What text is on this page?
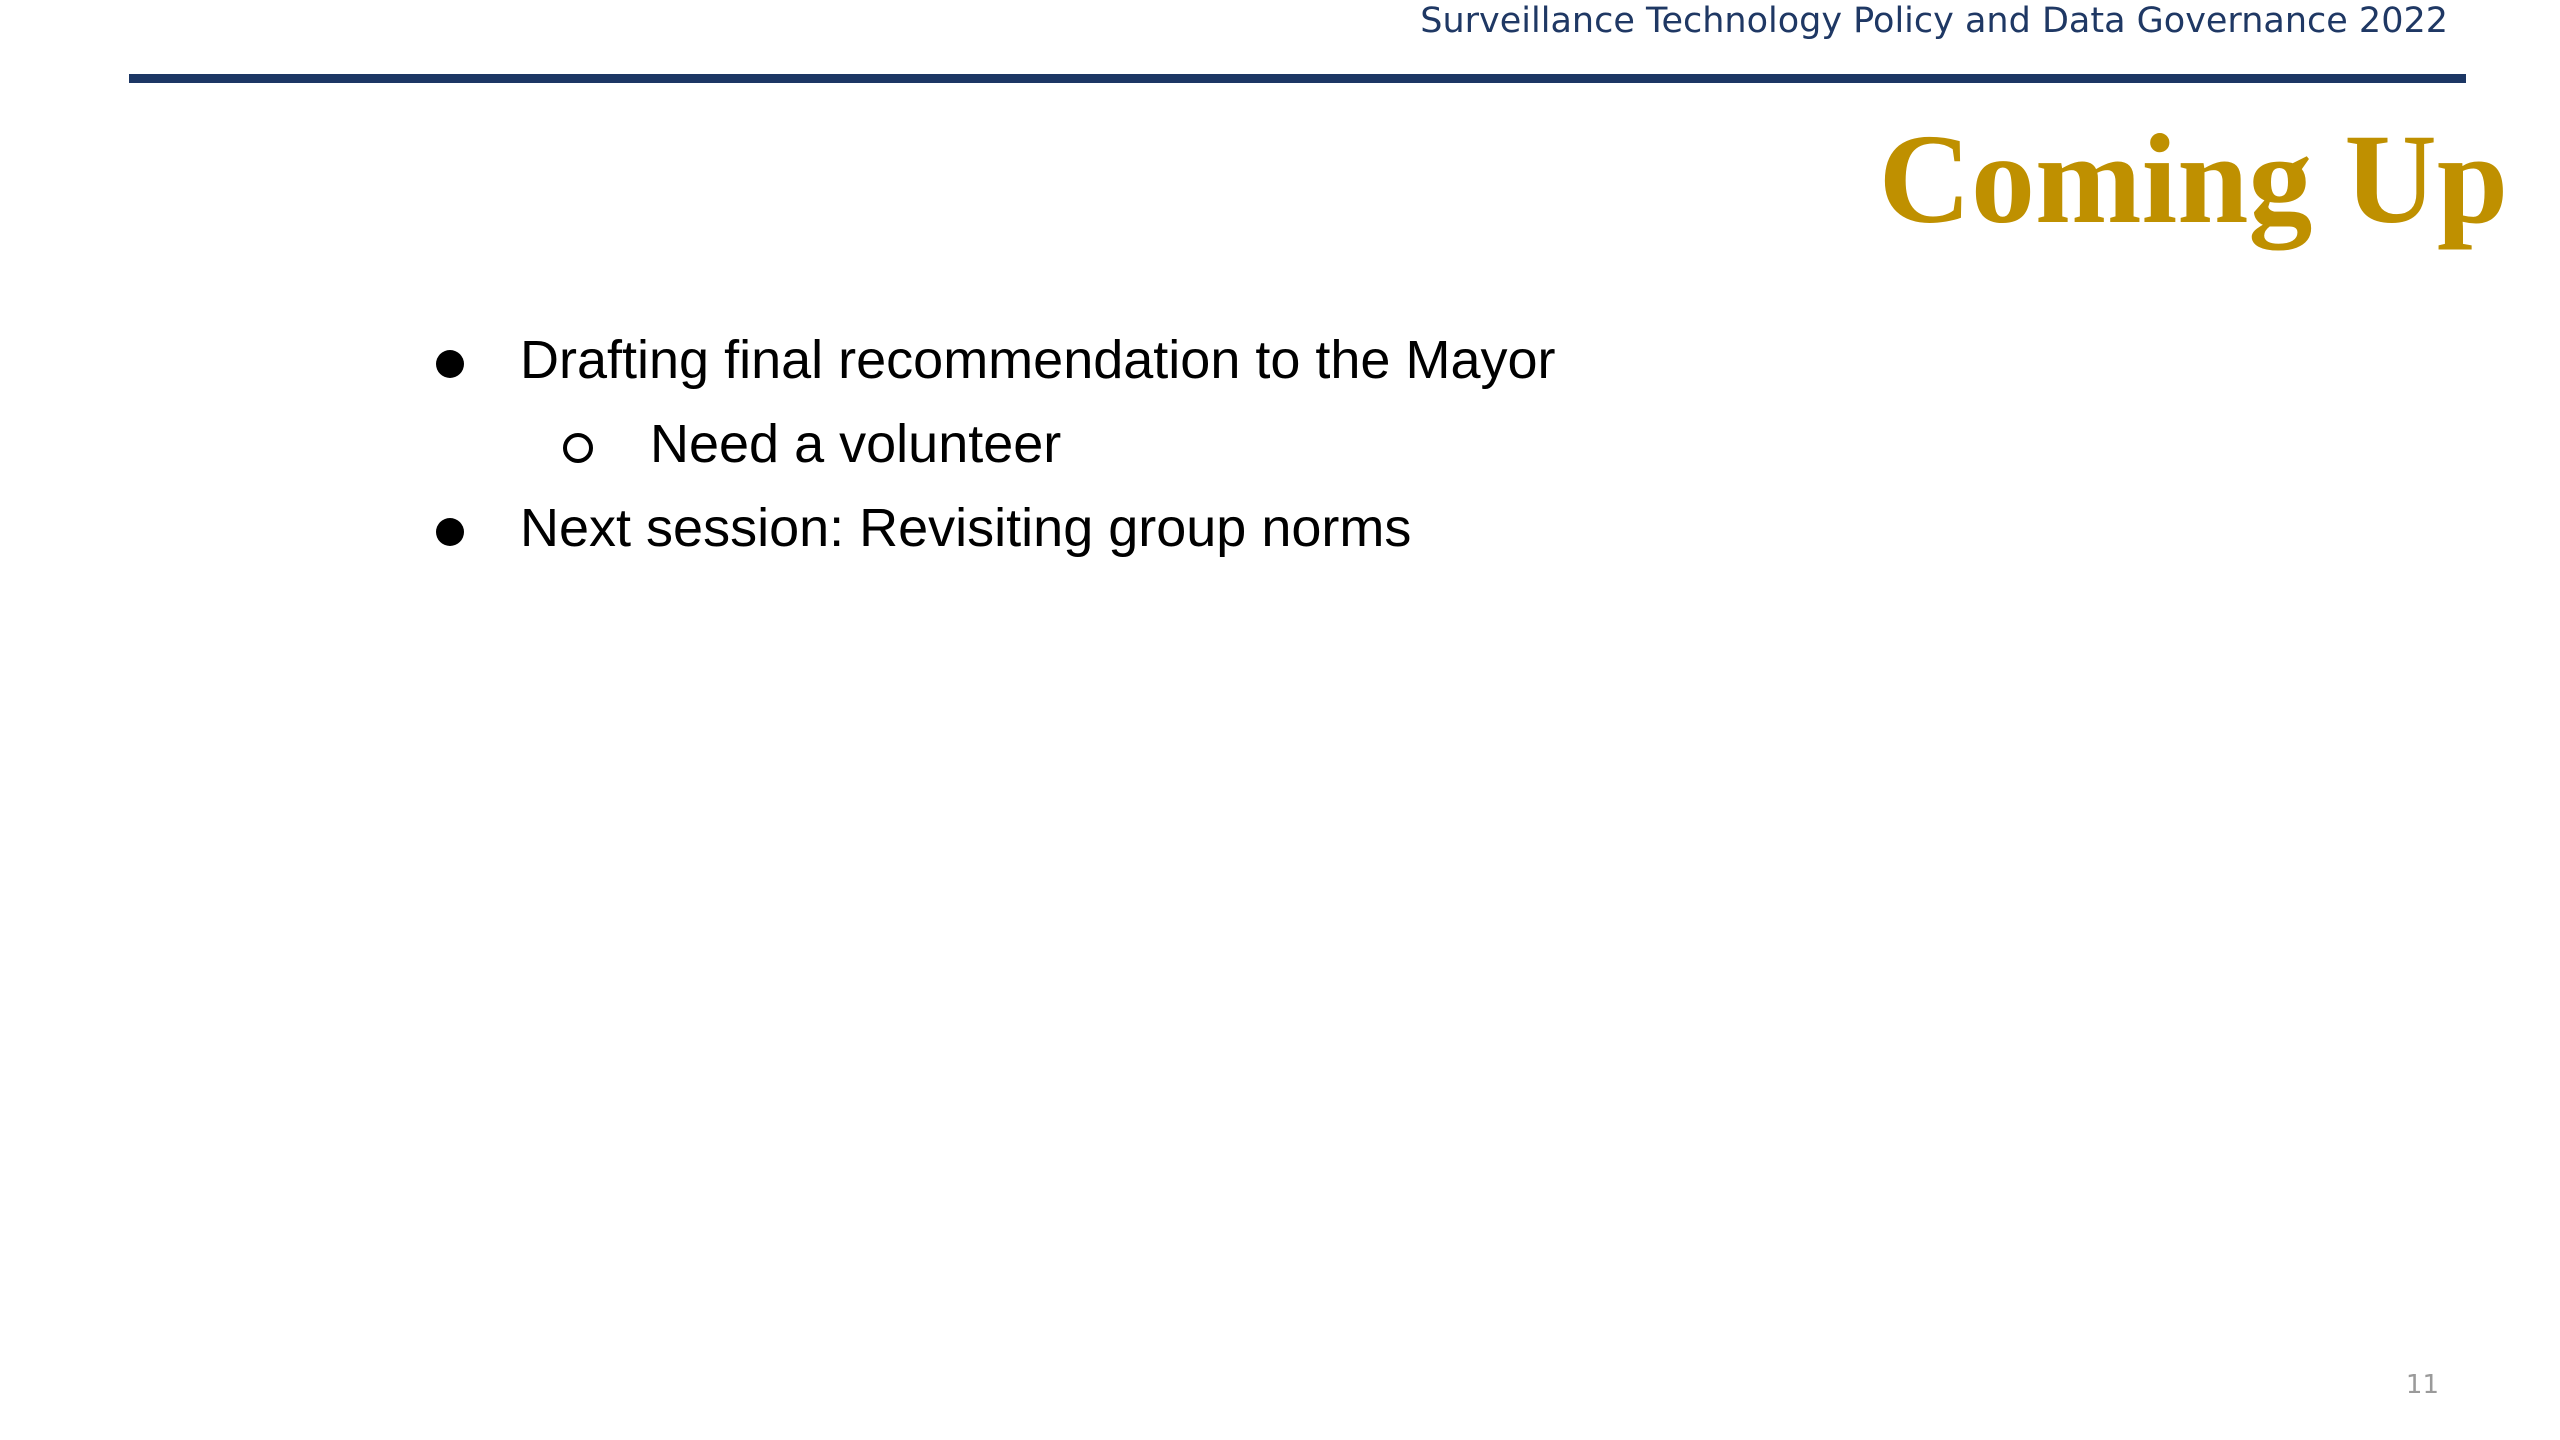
Surveillance Technology Policy and Data Governance 2022
Coming Up
Drafting final recommendation to the Mayor
Need a volunteer
Next session: Revisiting group norms
11
